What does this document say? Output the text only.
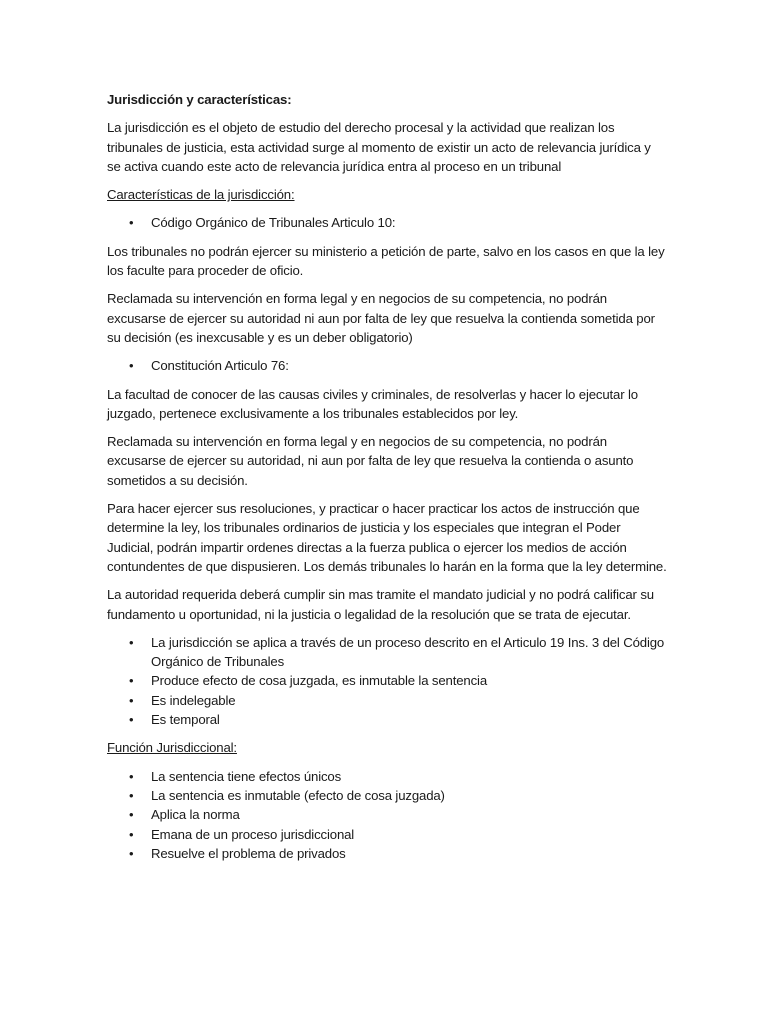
Jurisdicción y características:

La jurisdicción es el objeto de estudio del derecho procesal y la actividad que realizan los tribunales de justicia, esta actividad surge al momento de existir un acto de relevancia jurídica y se activa cuando este acto de relevancia jurídica entra al proceso en un tribunal

Características de la jurisdicción:

• Código Orgánico de Tribunales Articulo 10:

Los tribunales no podrán ejercer su ministerio a petición de parte, salvo en los casos en que la ley los faculte para proceder de oficio.

Reclamada su intervención en forma legal y en negocios de su competencia, no podrán excusarse de ejercer su autoridad ni aun por falta de ley que resuelva la contienda sometida por su decisión (es inexcusable y es un deber obligatorio)

• Constitución Articulo 76:

La facultad de conocer de las causas civiles y criminales, de resolverlas y hacer lo ejecutar lo juzgado, pertenece exclusivamente a los tribunales establecidos por ley.

Reclamada su intervención en forma legal y en negocios de su competencia, no podrán excusarse de ejercer su autoridad, ni aun por falta de ley que resuelva la contienda o asunto sometidos a su decisión.

Para hacer ejercer sus resoluciones, y practicar o hacer practicar los actos de instrucción que determine la ley, los tribunales ordinarios de justicia y los especiales que integran el Poder Judicial, podrán impartir ordenes directas a la fuerza publica o ejercer los medios de acción contundentes de que dispusieren. Los demás tribunales lo harán en la forma que la ley determine.

La autoridad requerida deberá cumplir sin mas tramite el mandato judicial y no podrá calificar su fundamento u oportunidad, ni la justicia o legalidad de la resolución que se trata de ejecutar.

• La jurisdicción se aplica a través de un proceso descrito en el Articulo 19 Ins. 3 del Código Orgánico de Tribunales
• Produce efecto de cosa juzgada, es inmutable la sentencia
• Es indelegable
• Es temporal

Función Jurisdiccional:

• La sentencia tiene efectos únicos
• La sentencia es inmutable (efecto de cosa juzgada)
• Aplica la norma
• Emana de un proceso jurisdiccional
• Resuelve el problema de privados
